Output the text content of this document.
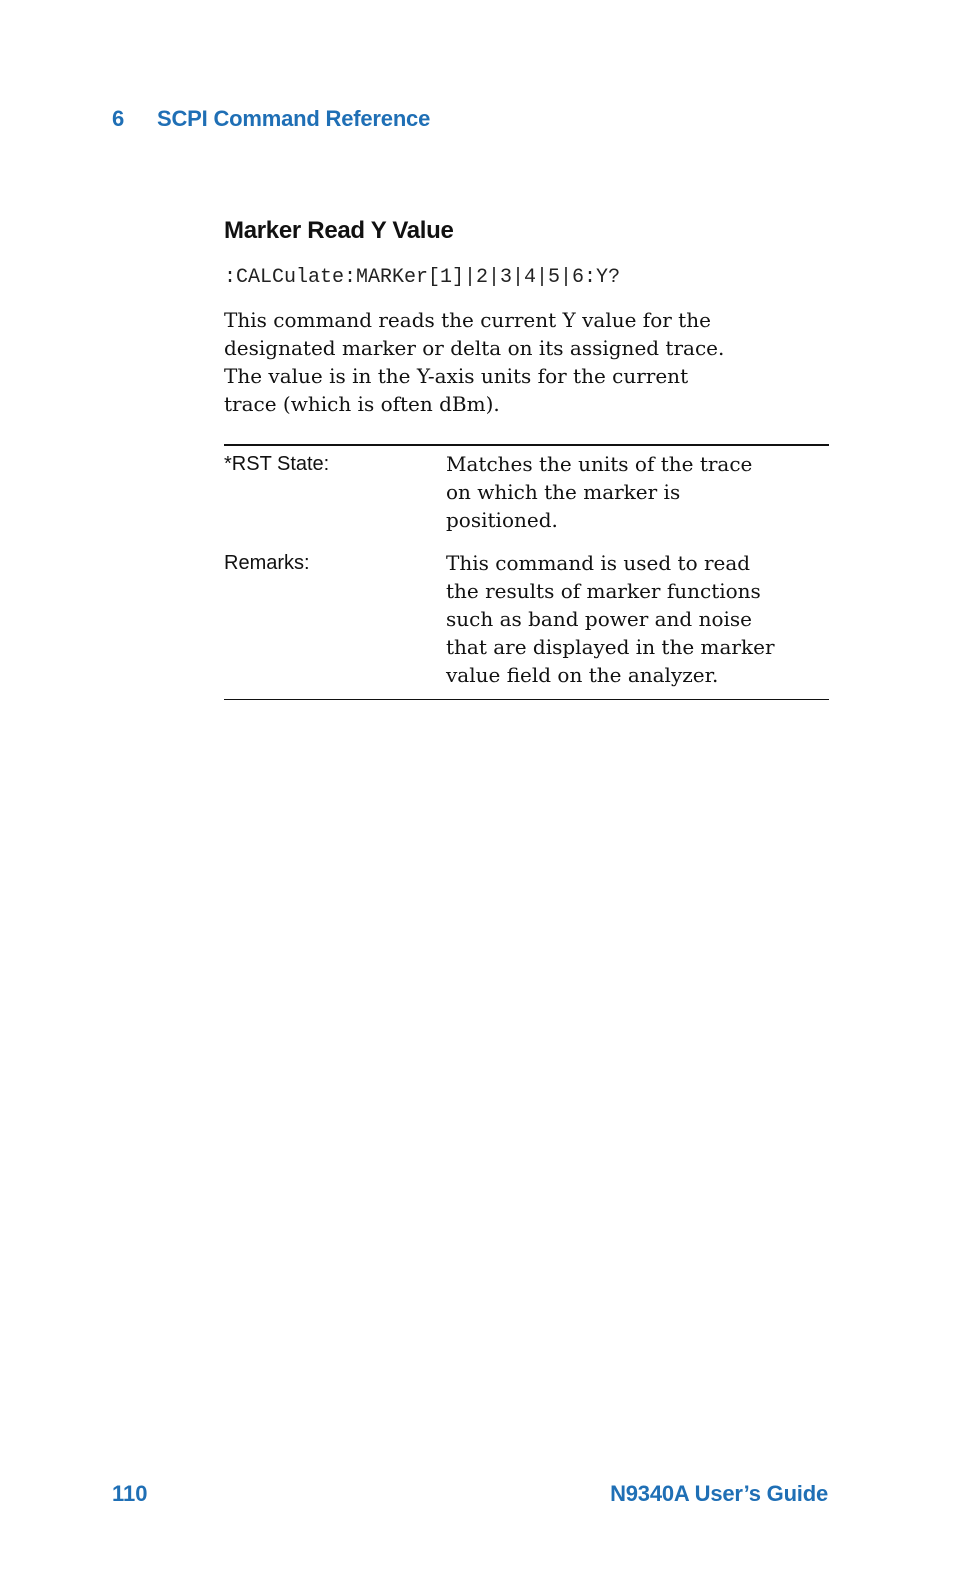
6 SCPI Command Reference
Marker Read Y Value
:CALCulate:MARKer[1]|2|3|4|5|6:Y?

This command reads the current Y value for the
designated marker or delta on its assigned trace.
The value is in the Y-axis units for the current
trace (which is often dBm).

*RST State:	Matches the units of the trace
on which the marker is
positioned.
Remarks:	This command is used to read
the results of marker functions
such as band power and noise
that are displayed in the marker
value field on the analyzer.
110	N9340A User’s Guide
